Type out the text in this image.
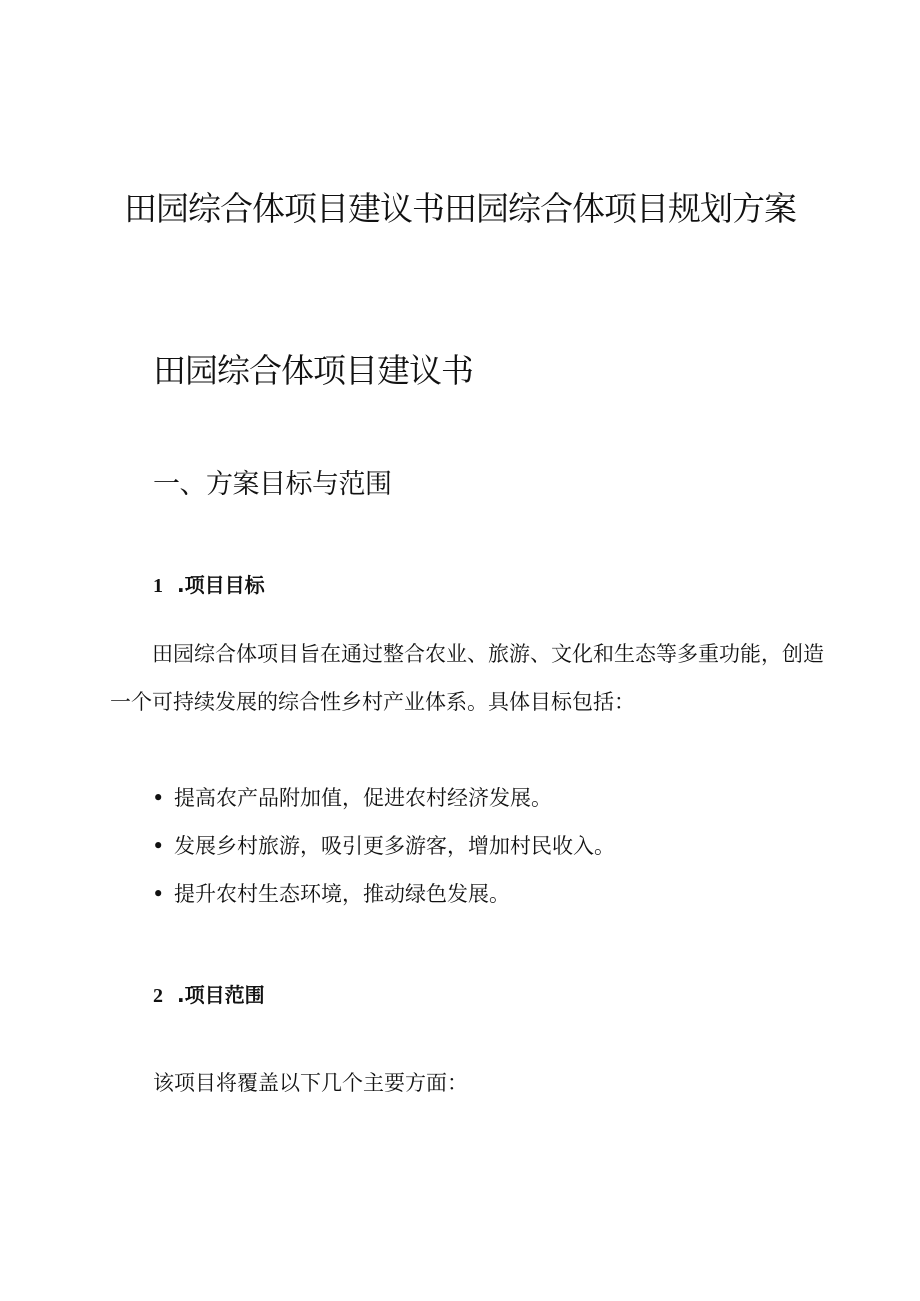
田园综合体项目建议书田园综合体项目规划方案
田园综合体项目建议书
一、方案目标与范围
1 .项目目标

田园综合体项目旨在通过整合农业、旅游、文化和生态等多重功能，创造一个可持续发展的综合性乡村产业体系。具体目标包括：

• 提高农产品附加值，促进农村经济发展。
• 发展乡村旅游，吸引更多游客，增加村民收入。
• 提升农村生态环境，推动绿色发展。
2 .项目范围

该项目将覆盖以下几个主要方面：
